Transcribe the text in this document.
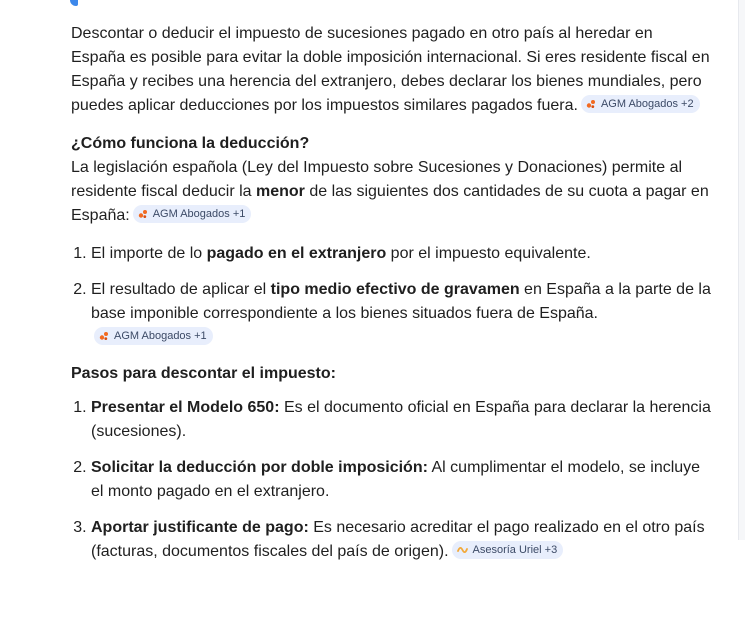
Descontar o deducir el impuesto de sucesiones pagado en otro país al heredar en España es posible para evitar la doble imposición internacional. Si eres residente fiscal en España y recibes una herencia del extranjero, debes declarar los bienes mundiales, pero puedes aplicar deducciones por los impuestos similares pagados fuera. AGM Abogados +2

¿Cómo funciona la deducción?

La legislación española (Ley del Impuesto sobre Sucesiones y Donaciones) permite al residente fiscal deducir la menor de las siguientes dos cantidades de su cuota a pagar en España: AGM Abogados +1

1. El importe de lo pagado en el extranjero por el impuesto equivalente.
2. El resultado de aplicar el tipo medio efectivo de gravamen en España a la parte de la base imponible correspondiente a los bienes situados fuera de España.
AGM Abogados +1

Pasos para descontar el impuesto:

1. Presentar el Modelo 650: Es el documento oficial en España para declarar la herencia (sucesiones).
2. Solicitar la deducción por doble imposición: Al cumplimentar el modelo, se incluye el monto pagado en el extranjero.
3. Aportar justificante de pago: Es necesario acreditar el pago realizado en el otro país (facturas, documentos fiscales del país de origen). Asesoría Uriel +3
